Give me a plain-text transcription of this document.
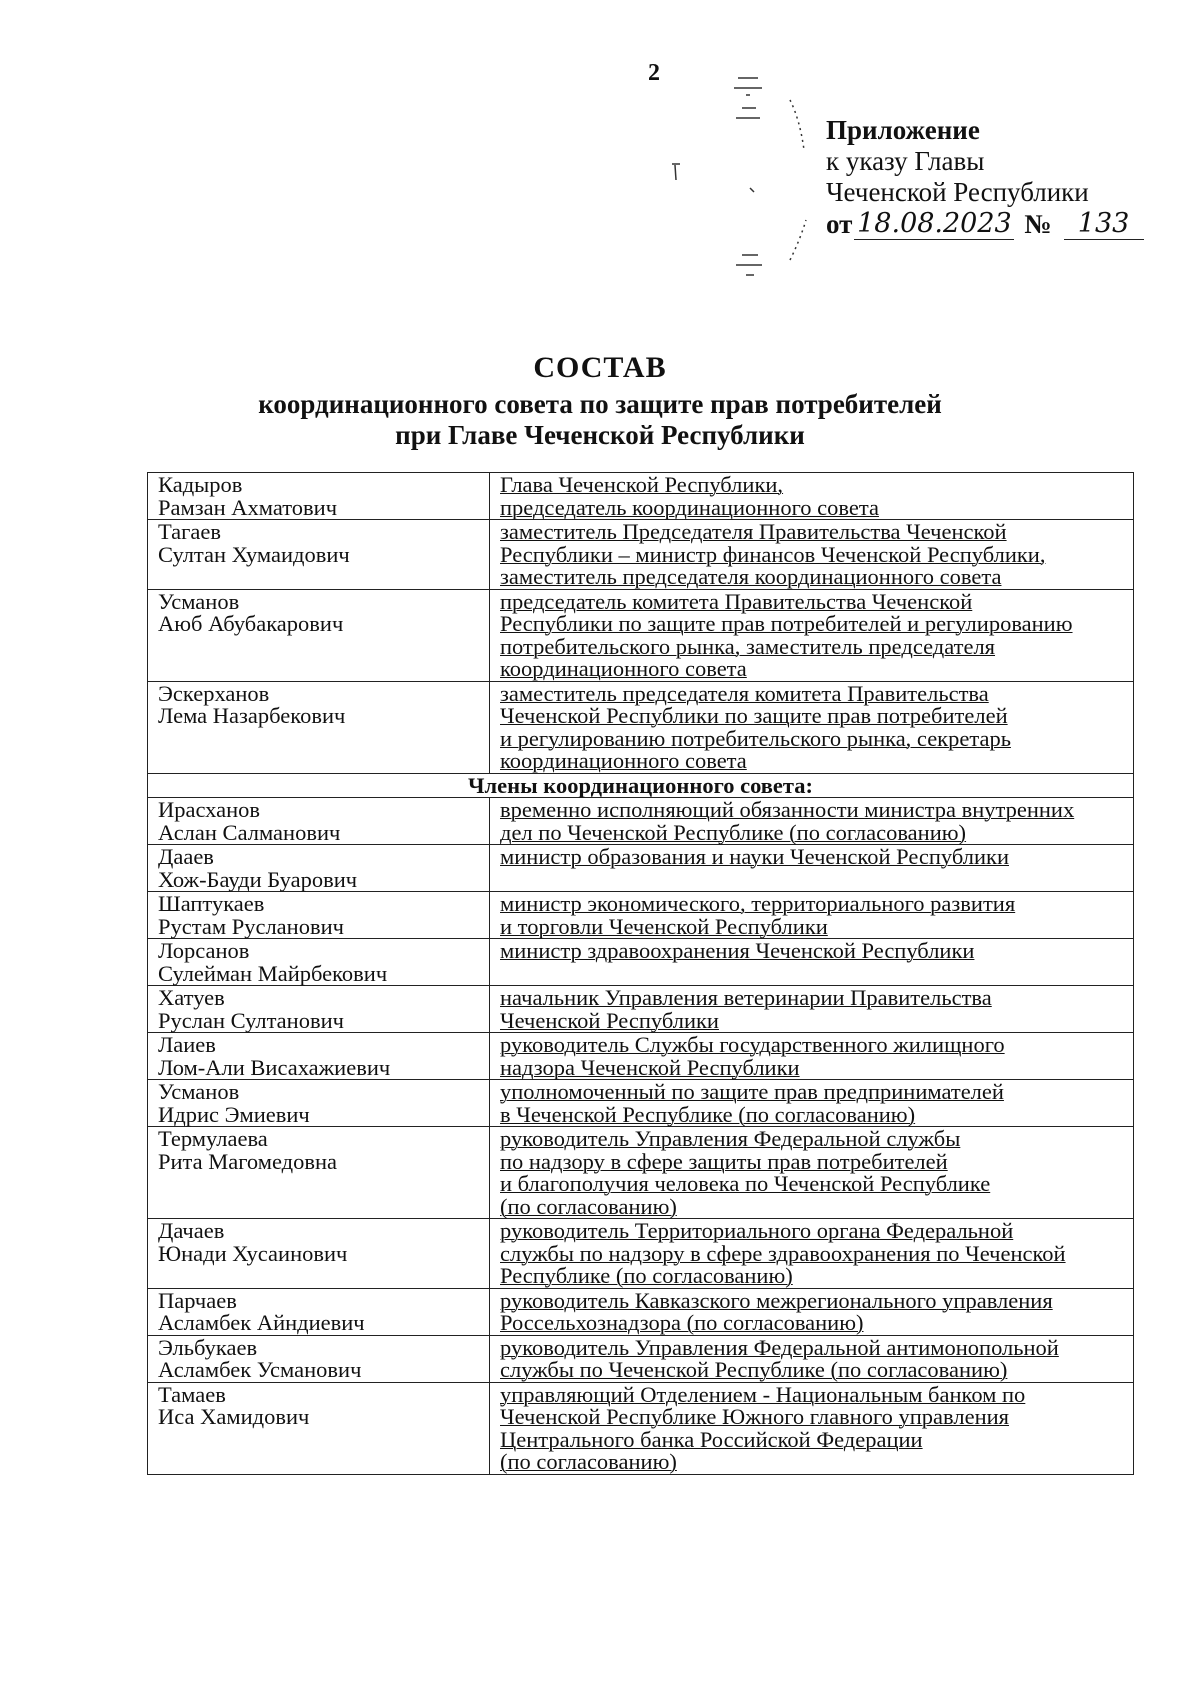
2
Приложение
к указу Главы
Чеченской Республики
от 18.08.2023 № 133
СОСТАВ
координационного совета по защите прав потребителей
при Главе Чеченской Республики
Кадыров
Рамзан Ахматович	Глава Чеченской Республики,
председатель координационного совета

Тагаев
Султан Хумаидович	заместитель Председателя Правительства Чеченской
Республики – министр финансов Чеченской Республики,
заместитель председателя координационного совета

Усманов
Аюб Абубакарович	председатель комитета Правительства Чеченской
Республики по защите прав потребителей и регулированию
потребительского рынка, заместитель председателя
координационного совета

Эскерханов
Лема Назарбекович	заместитель председателя комитета Правительства
Чеченской Республики по защите прав потребителей
и регулированию потребительского рынка, секретарь
координационного совета

Члены координационного совета:	

Ирасханов
Аслан Салманович	временно исполняющий обязанности министра внутренних
дел по Чеченской Республике (по согласованию)

Даaев
Хож-Бауди Буарович	министр образования и науки Чеченской Республики

Шаптукаев
Рустам Русланович	министр экономического, территориального развития
и торговли Чеченской Республики

Лорсанов
Сулейман Майрбекович	министр здравоохранения Чеченской Республики

Хатуев
Руслан Султанович	начальник Управления ветеринарии Правительства
Чеченской Республики

Лаиев
Лом-Али Висахажиевич	руководитель Службы государственного жилищного
надзора Чеченской Республики

Усманов
Идрис Эмиевич	уполномоченный по защите прав предпринимателей
в Чеченской Республике (по согласованию)

Термулаева
Рита Магомедовна	руководитель Управления Федеральной службы
по надзору в сфере защиты прав потребителей
и благополучия человека по Чеченской Республике
(по согласованию)

Дачаев
Юнади Хусаинович	руководитель Территориального органа Федеральной
службы по надзору в сфере здравоохранения по Чеченской
Республике (по согласованию)

Парчаев
Асламбек Айндиевич	руководитель Кавказского межрегионального управления
Россельхознадзора (по согласованию)

Эльбукаев
Асламбек Усманович	руководитель Управления Федеральной антимонопольной
службы по Чеченской Республике (по согласованию)

Тамаев
Иса Хамидович	управляющий Отделением - Национальным банком по
Чеченской Республике Южного главного управления
Центрального банка Российской Федерации
(по согласованию)
